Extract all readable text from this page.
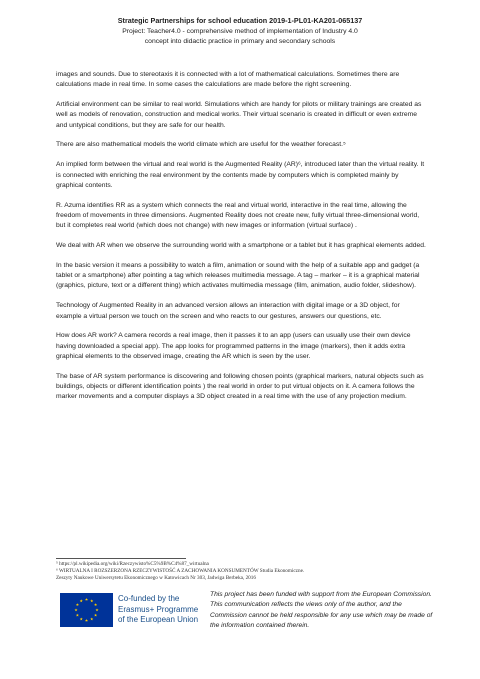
Strategic Partnerships for school education 2019-1-PL01-KA201-065137
Project: Teacher4.0 - comprehensive method of implementation of Industry 4.0
concept into didactic practice in primary and secondary schools

images and sounds. Due to stereotaxis it is connected with a lot of mathematical calculations. Sometimes there are calculations made in real time. In some cases the calculations are made before the right screening.

Artificial environment can be similar to real world. Simulations which are handy for pilots or military trainings are created as well as models of renovation, construction and medical works. Their virtual scenario is created in difficult or even extreme and untypical conditions, but they are safe for our health.

There are also mathematical models the world climate which are useful for the weather forecast.⁵

An implied form between the virtual and real world is the Augmented Reality (AR)⁶, introduced later than the virtual reality. It is connected with enriching the real environment by the contents made by computers which is completed mainly by graphical contents.

R. Azuma identifies RR as a system which connects the real and virtual world, interactive in the real time, allowing the freedom of movements in three dimensions. Augmented Reality does not create new, fully virtual three-dimensional world, but it completes real world (which does not change) with new images or information (virtual surface) .

We deal with AR when we observe the surrounding world with a smartphone or a tablet but it has graphical elements added.

In the basic version it means a possibility to watch a film, animation or sound with the help of a suitable app and gadget (a tablet or a smartphone) after pointing a tag which releases multimedia message. A tag – marker – it is a graphical material (graphics, picture, text or a different thing) which activates multimedia message (film, animation, audio folder, slideshow).

Technology of Augmented Reality in an advanced version allows an interaction with digital image or a 3D object, for example a virtual person we touch on the screen and who reacts to our gestures, answers our questions, etc.

How does AR work? A camera records a real image, then it passes it to an app (users can usually use their own device having downloaded a special app). The app looks for programmed patterns in the image (markers), then it adds extra graphical elements to the observed image, creating the AR which is seen by the user.

The base of AR system performance is discovering and following chosen points (graphical markers, natural objects such as buildings, objects or different identification points ) the real world in order to put virtual objects on it. A camera follows the marker movements and a computer displays a 3D object created in a real time with the use of any projection medium.

⁵ https://pl.wikipedia.org/wiki/Rzeczywisto%C5%9B%C4%87_wirtualna
⁶ WIRTUALNA I ROZSZERZONA RZECZYWISTOŚĆ A ZACHOWANIA KONSUMENTÓW Studia Ekonomiczne.
Zeszyty Naukowe Uniwersytetu Ekonomicznego w Katowicach Nr 303, Jadwiga Berbeka, 2016
Co-funded by the
Erasmus+ Programme
of the European Union
This project has been funded with support from the European Commission. This communication reflects the views only of the author, and the Commission cannot be held responsible for any use which may be made of the information contained therein.
